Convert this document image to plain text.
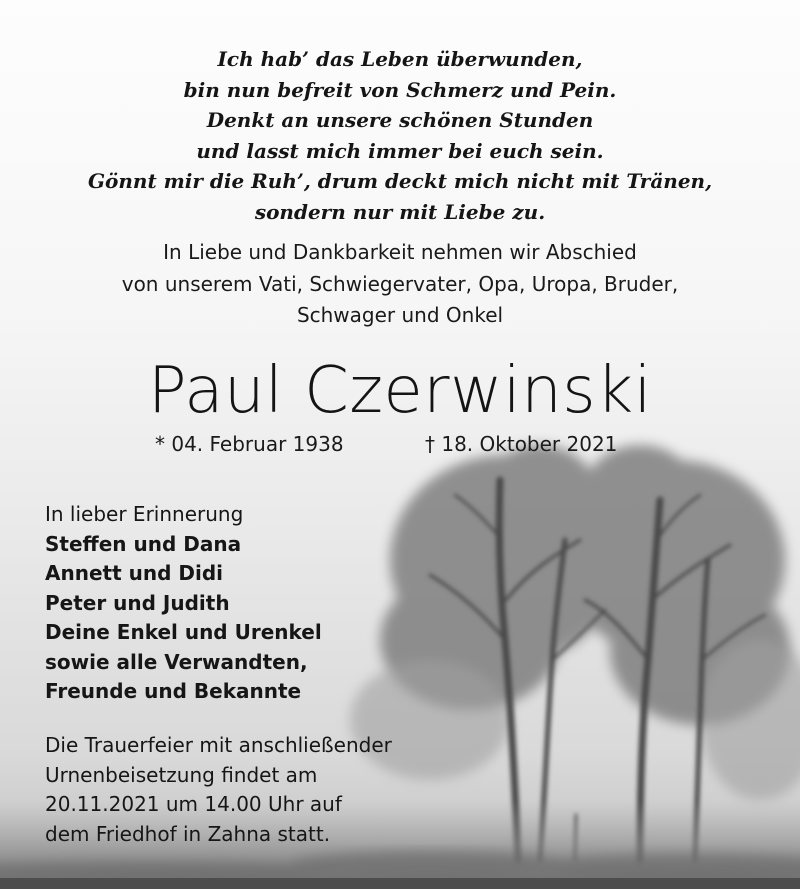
Ich hab’ das Leben überwunden,
bin nun befreit von Schmerz und Pein.
Denkt an unsere schönen Stunden
und lasst mich immer bei euch sein.
Gönnt mir die Ruh’, drum deckt mich nicht mit Tränen,
sondern nur mit Liebe zu.
In Liebe und Dankbarkeit nehmen wir Abschied
von unserem Vati, Schwiegervater, Opa, Uropa, Bruder,
Schwager und Onkel
Paul Czerwinski
* 04. Februar 1938	† 18. Oktober 2021
In lieber Erinnerung
Steffen und Dana
Annett und Didi
Peter und Judith
Deine Enkel und Urenkel
sowie alle Verwandten,
Freunde und Bekannte
Die Trauerfeier mit anschließender
Urnenbeisetzung findet am
20.11.2021 um 14.00 Uhr auf
dem Friedhof in Zahna statt.
